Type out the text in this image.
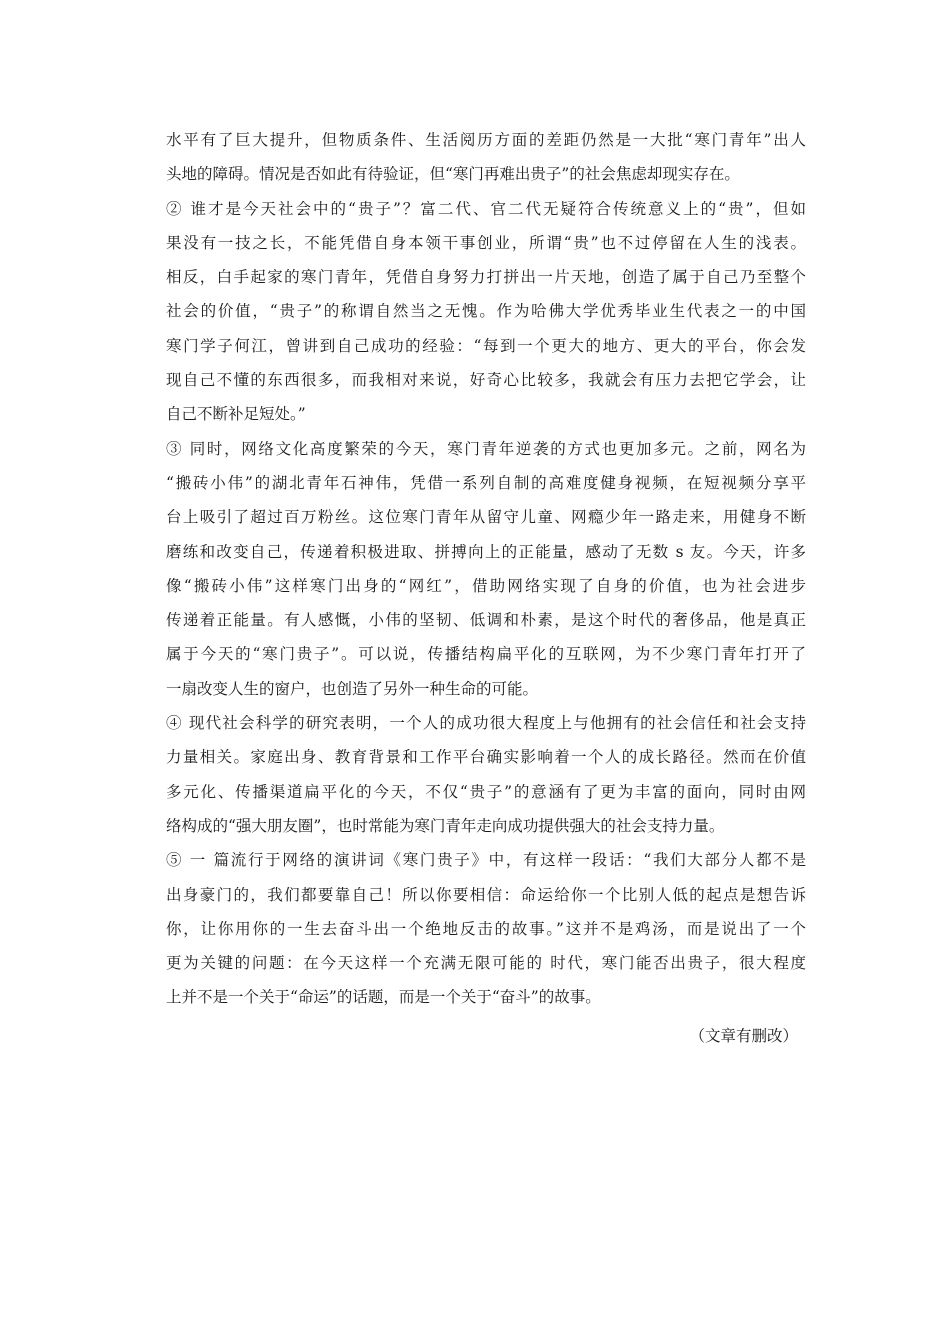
水平有了巨大提升，但物质条件、生活阅历方面的差距仍然是一大批“寒门青年”出人
头地的障碍。情况是否如此有待验证，但“寒门再难出贵子”的社会焦虑却现实存在。
② 谁才是今天社会中的“贵子”？富二代、官二代无疑符合传统意义上的“贵”，但如
果没有一技之长，不能凭借自身本领干事创业，所谓“贵”也不过停留在人生的浅表。
相反，白手起家的寒门青年，凭借自身努力打拼出一片天地，创造了属于自己乃至整个
社会的价值，“贵子”的称谓自然当之无愧。作为哈佛大学优秀毕业生代表之一的中国
寒门学子何江，曾讲到自己成功的经验：“每到一个更大的地方、更大的平台，你会发
现自己不懂的东西很多，而我相对来说，好奇心比较多，我就会有压力去把它学会，让
自己不断补足短处。”
③ 同时，网络文化高度繁荣的今天，寒门青年逆袭的方式也更加多元。之前，网名为
“搬砖小伟”的湖北青年石神伟，凭借一系列自制的高难度健身视频，在短视频分享平
台上吸引了超过百万粉丝。这位寒门青年从留守儿童、网瘾少年一路走来，用健身不断
磨练和改变自己，传递着积极进取、拼搏向上的正能量，感动了无数 s 友。今天，许多
像“搬砖小伟”这样寒门出身的“网红”，借助网络实现了自身的价值，也为社会进步
传递着正能量。有人感慨，小伟的坚韧、低调和朴素，是这个时代的奢侈品，他是真正
属于今天的“寒门贵子”。可以说，传播结构扁平化的互联网，为不少寒门青年打开了
一扇改变人生的窗户，也创造了另外一种生命的可能。
④ 现代社会科学的研究表明，一个人的成功很大程度上与他拥有的社会信任和社会支持
力量相关。家庭出身、教育背景和工作平台确实影响着一个人的成长路径。然而在价值
多元化、传播渠道扁平化的今天，不仅“贵子”的意涵有了更为丰富的面向，同时由网
络构成的“强大朋友圈”，也时常能为寒门青年走向成功提供强大的社会支持力量。
⑤ 一 篇流行于网络的演讲词《寒门贵子》中，有这样一段话：“我们大部分人都不是
出身豪门的，我们都要靠自己！所以你要相信：命运给你一个比别人低的起点是想告诉
你，让你用你的一生去奋斗出一个绝地反击的故事。”这并不是鸡汤，而是说出了一个
更为关键的问题：在今天这样一个充满无限可能的 时代，寒门能否出贵子，很大程度
上并不是一个关于“命运”的话题，而是一个关于“奋斗”的故事。
（文章有删改）
